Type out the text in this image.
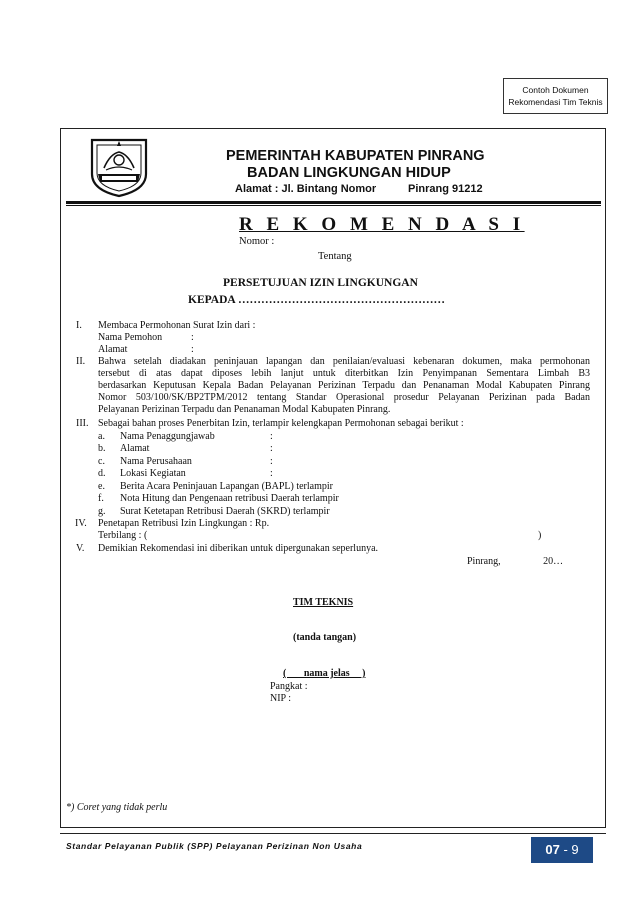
Contoh Dokumen
Rekomendasi Tim Teknis
PEMERINTAH KABUPATEN PINRANG
BADAN LINGKUNGAN HIDUP
Alamat : Jl. Bintang Nomor	Pinrang 91212
R E K O M E N D A S I
Nomor :
Tentang
PERSETUJUAN IZIN LINGKUNGAN
KEPADA ………………………………………………
I. Membaca Permohonan Surat Izin dari :
Nama Pemohon	:
Alamat	:
II. Bahwa setelah diadakan peninjauan lapangan dan penilaian/evaluasi kebenaran dokumen, maka permohonan
tersebut di atas dapat diposes lebih lanjut untuk diterbitkan Izin Penyimpanan Sementara Limbah B3
berdasarkan Keputusan Kepala Badan Pelayanan Perizinan Terpadu dan Penanaman Modal Kabupaten Pinrang
Nomor 503/100/SK/BP2TPM/2012 tentang Standar Operasional prosedur Pelayanan Perizinan pada Badan
Pelayanan Perizinan Terpadu dan Penanaman Modal Kabupaten Pinrang.
III. Sebagai bahan proses Penerbitan Izin, terlampir kelengkapan Permohonan sebagai berikut :
a. Nama Penaggungjawab	:
b. Alamat	:
c. Nama Perusahaan	:
d. Lokasi Kegiatan	:
e. Berita Acara Peninjauan Lapangan (BAPL) terlampir
f. Nota Hitung dan Pengenaan retribusi Daerah terlampir
g. Surat Ketetapan Retribusi Daerah (SKRD) terlampir
IV. Penetapan Retribusi Izin Lingkungan : Rp.
Terbilang : (	)
V. Demikian Rekomendasi ini diberikan untuk dipergunakan seperlunya.
Pinrang,                 20…
TIM TEKNIS
(tanda tangan)
(       nama jelas     )
Pangkat :
NIP :
*) Coret yang tidak perlu
Standar Pelayanan Publik (SPP) Pelayanan Perizinan Non Usaha	07 - 9
